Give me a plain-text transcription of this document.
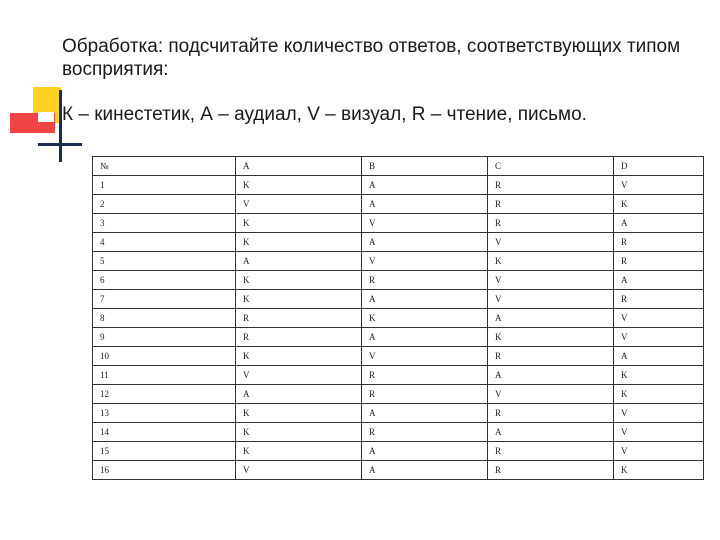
Обработка: подсчитайте количество ответов, соответствующих типом восприятия:
К – кинестетик, А – аудиал, V – визуал, R – чтение, письмо.
№	A	B	C	D
1	K	A	R	V
2	V	A	R	K
3	K	V	R	A
4	K	A	V	R
5	A	V	K	R
6	K	R	V	A
7	K	A	V	R
8	R	K	A	V
9	R	A	K	V
10	K	V	R	A
11	V	R	A	K
12	A	R	V	K
13	K	A	R	V
14	K	R	A	V
15	K	A	R	V
16	V	A	R	K
